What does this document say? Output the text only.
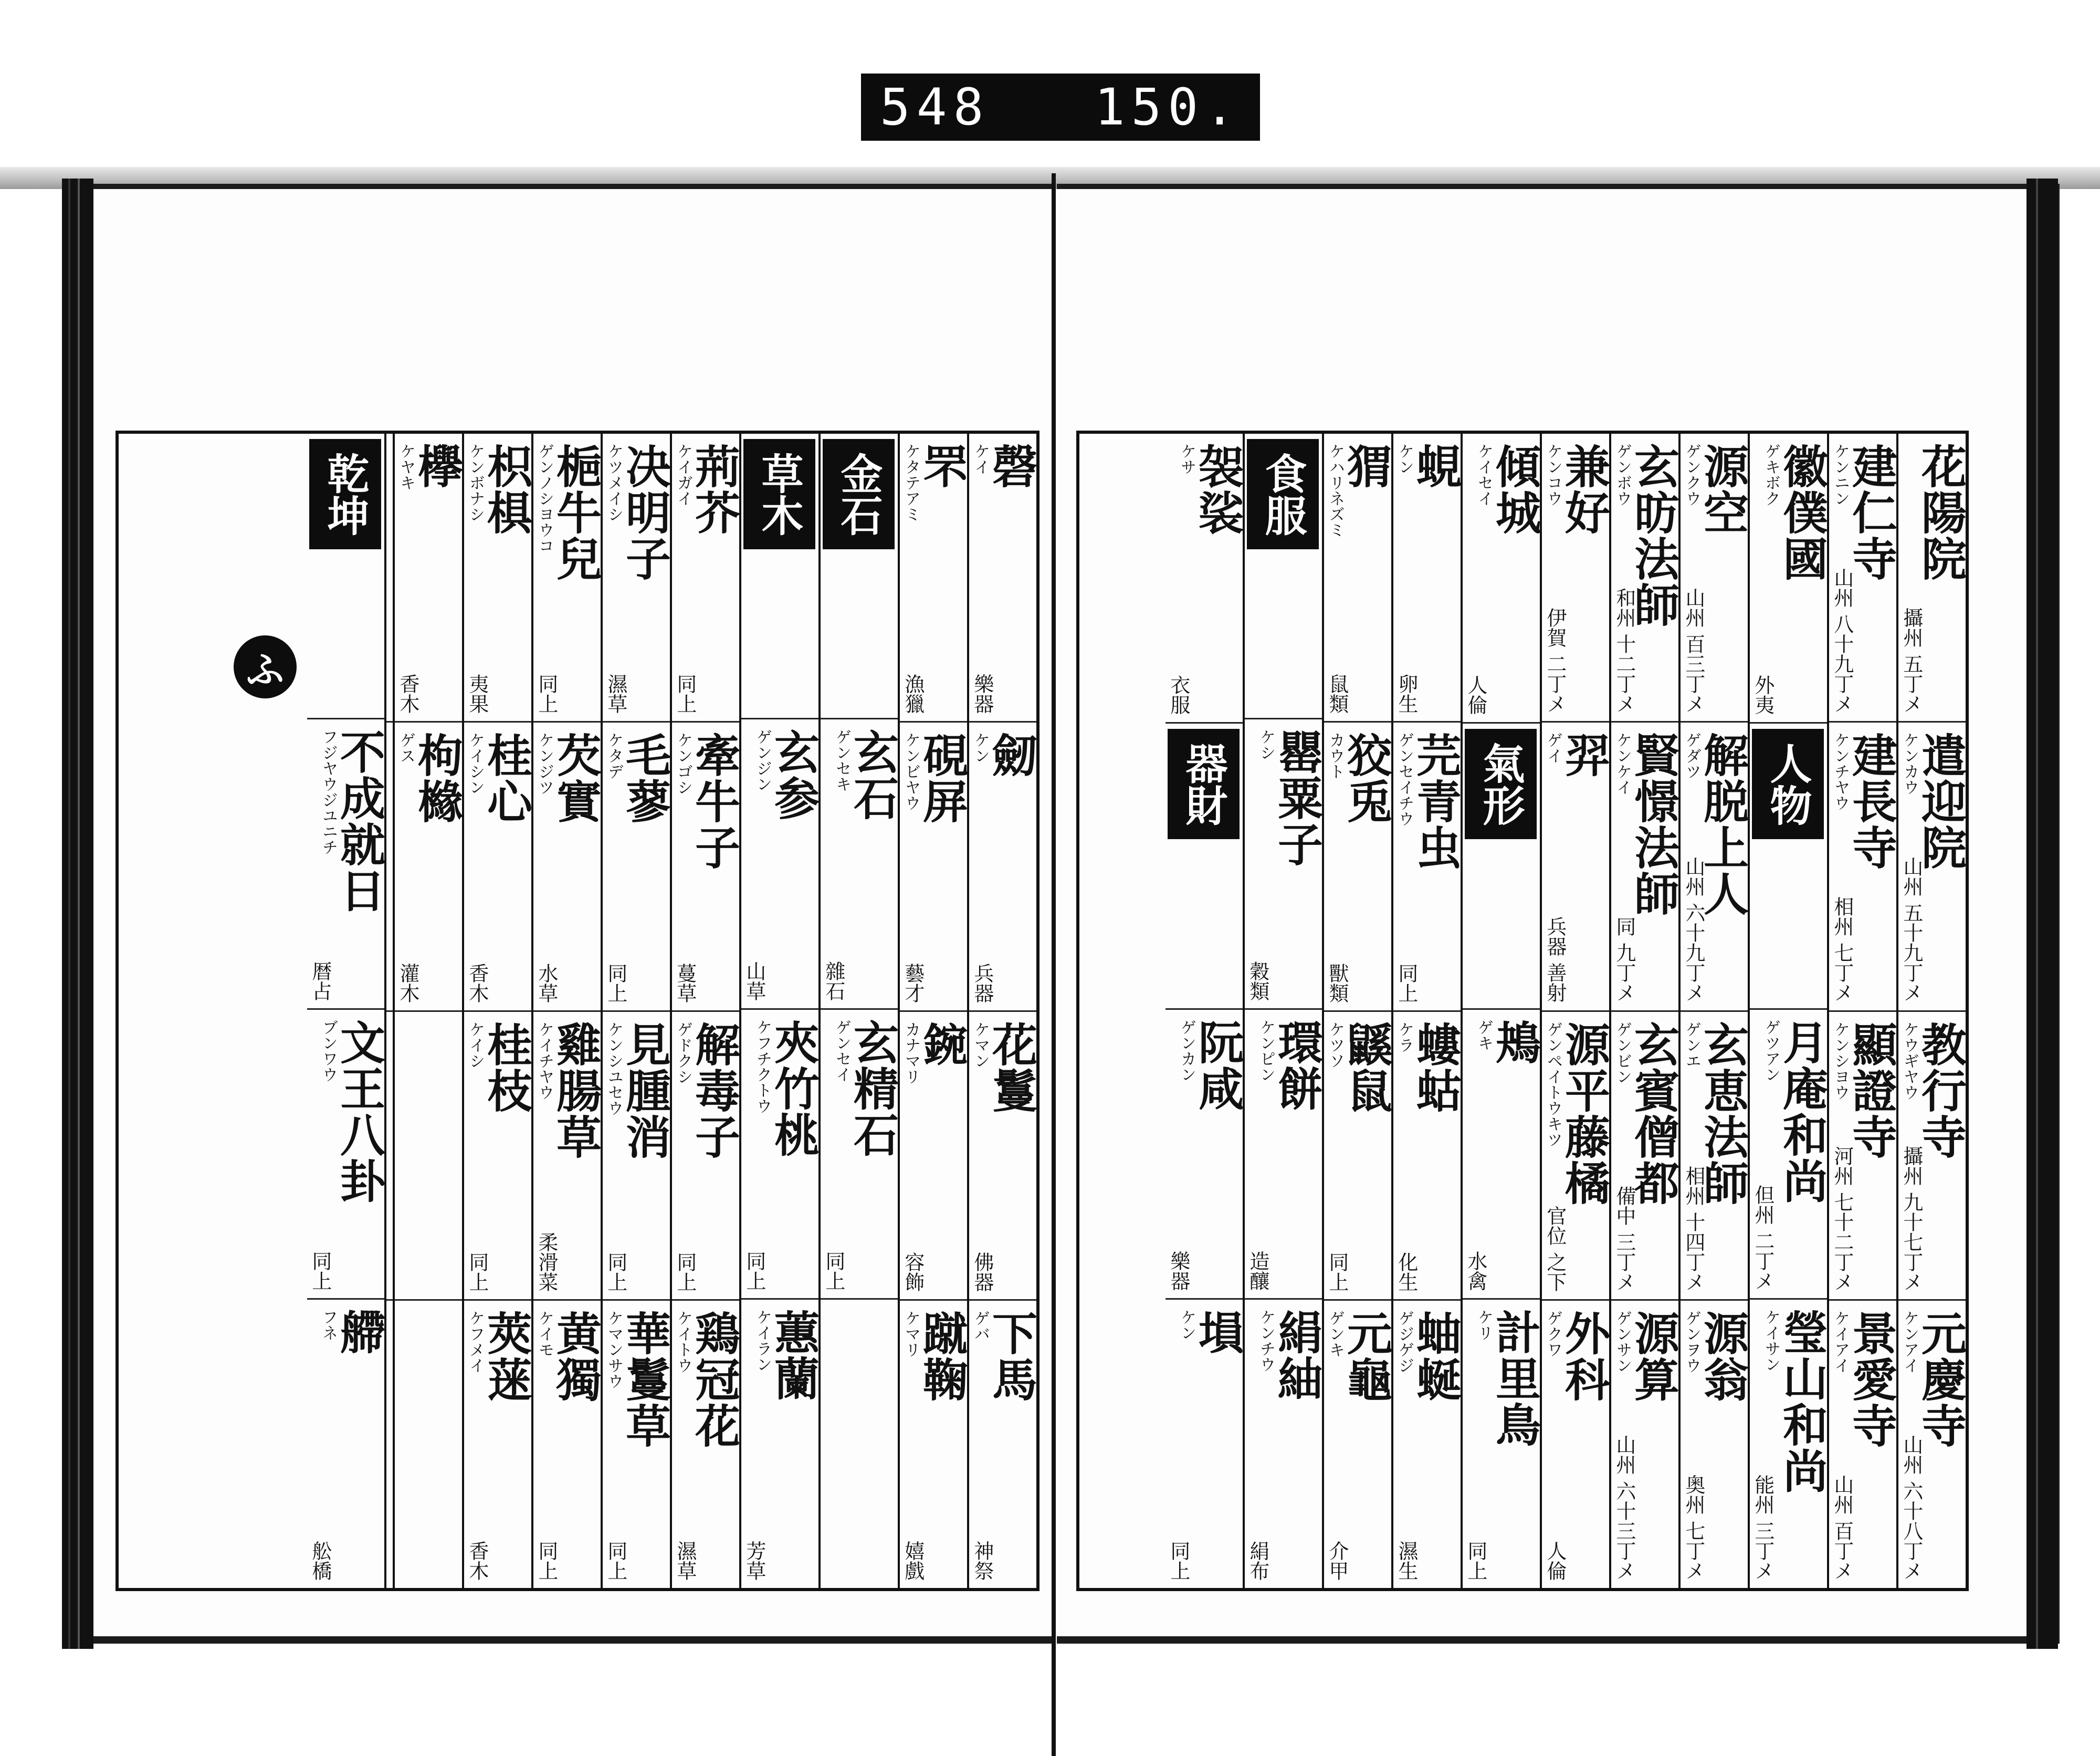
548 150.
ふ
花陽院
攝州 五丁メ
遣迎院
ケンカウ
山州 五十九丁メ
教行寺
ケウギヤウ
攝州 九十七丁メ
元慶寺
ケンアイ
山州 六十八丁メ
建仁寺
ケンニン
山州 八十九丁メ
建長寺
ケンチヤウ
相州 七丁メ
顯證寺
ケンシヨウ
河州 七十二丁メ
景愛寺
ケイアイ
山州 百丁メ
徽僕國
ゲキボク
外夷
人物
月庵和尚
ゲツアン
但州 二丁メ
瑩山和尚
ケイサン
能州 三丁メ
源空
ゲンクウ
山州 百三丁メ
解脱上人
ゲダツ
山州 六十九丁メ
玄恵法師
ゲンエ
相州 十四丁メ
源翁
ゲンヲウ
奥州 七丁メ
玄昉法師
ゲンボウ
和州 十二丁メ
賢憬法師
ケンケイ
同 九丁メ
玄賓僧都
ゲンビン
備中 三丁メ
源算
ゲンサン
山州 六十三丁メ
兼好
ケンコウ
伊賀 二丁メ
羿
ゲイ
兵器 善射
源平藤橘
ゲンペイトウキツ
官位 之下
外科
ゲクワ
人倫
傾城
ケイセイ
人倫
氣形
鴂
ゲキ
水禽
計里鳥
ケリ
同上
蜆
ケン
卵生
芫青虫
ゲンセイチウ
同上
螻蛄
ケラ
化生
蚰蜒
ゲジゲジ
濕生
猬
ケハリネズミ
鼠類
狡兎
カウト
獸類
鼷鼠
ケツソ
同上
元龜
ゲンキ
介甲
食服
罌粟子
ケシ
穀類
環餅
ケンピン
造釀
絹紬
ケンチウ
絹布
袈裟
ケサ
衣服
器財
阮咸
ゲンカン
樂器
塤
ケン
同上
磬
ケイ
樂器
劒
ケン
兵器
花鬘
ケマン
佛器
下馬
ゲバ
神祭
罘
ケタテアミ
漁獵
硯屏
ケンビヤウ
藝才
鋺
カナマリ
容飾
蹴鞠
ケマリ
嬉戲
金石
玄石
ゲンセキ
雜石
玄精石
ゲンセイ
同上
草木
玄参
ゲンジン
山草
夾竹桃
ケフチクトウ
同上
蕙蘭
ケイラン
芳草
荊芥
ケイガイ
同上
牽牛子
ケンゴシ
蔓草
解毒子
ゲドクシ
同上
鶏冠花
ケイトウ
濕草
决明子
ケツメイシ
濕草
毛蓼
ケタデ
同上
見腫消
ケンシユセウ
同上
華鬘草
ケマンサウ
同上
梔牛兒
ゲンノシヨウコ
同上
芡實
ケンジツ
水草
雞腸草
ケイチヤウ
柔滑菜
黄獨
ケイモ
同上
枳椇
ケンボナシ
夷果
桂心
ケイシン
香木
桂枝
ケイシ
同上
莢蒾
ケフメイ
香木
欅
ケヤキ
香木
枸櫞
ゲス
灌木
乾坤
不成就日
フジヤウジユニチ
暦占
文王八卦
ブンワウ
同上
艜
フネ
舩橋
